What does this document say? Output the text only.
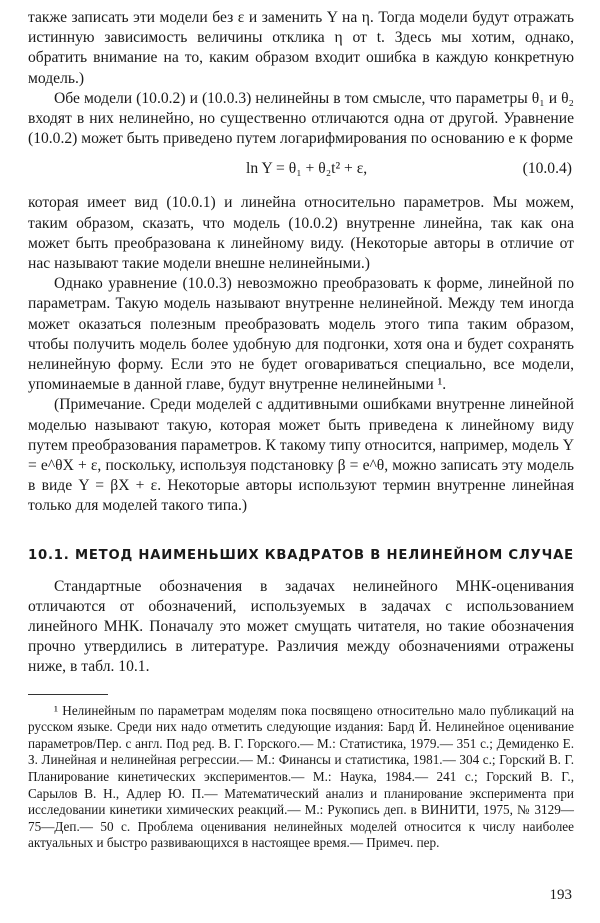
также записать эти модели без ε и заменить Y на η. Тогда модели будут отражать истинную зависимость величины отклика η от t. Здесь мы хотим, однако, обратить внимание на то, каким образом входит ошибка в каждую конкретную модель.)

Обе модели (10.0.2) и (10.0.3) нелинейны в том смысле, что параметры θ₁ и θ₂ входят в них нелинейно, но существенно отличаются одна от другой. Уравнение (10.0.2) может быть приведено путем логарифмирования по основанию e к форме

ln Y = θ₁ + θ₂t² + ε,	(10.0.4)

которая имеет вид (10.0.1) и линейна относительно параметров. Мы можем, таким образом, сказать, что модель (10.0.2) внутренне линейна, так как она может быть преобразована к линейному виду. (Некоторые авторы в отличие от нас называют такие модели внешне нелинейными.)

Однако уравнение (10.0.3) невозможно преобразовать к форме, линейной по параметрам. Такую модель называют внутренне нелинейной. Между тем иногда может оказаться полезным преобразовать модель этого типа таким образом, чтобы получить модель более удобную для подгонки, хотя она и будет сохранять нелинейную форму. Если это не будет оговариваться специально, все модели, упоминаемые в данной главе, будут внутренне нелинейными ¹.

(Примечание. Среди моделей с аддитивными ошибками внутренне линейной моделью называют такую, которая может быть приведена к линейному виду путем преобразования параметров. К такому типу относится, например, модель Y = e^θX + ε, поскольку, используя подстановку β = e^θ, можно записать эту модель в виде Y = βX + ε. Некоторые авторы используют термин внутренне линейная только для моделей такого типа.)

10.1. МЕТОД НАИМЕНЬШИХ КВАДРАТОВ В НЕЛИНЕЙНОМ СЛУЧАЕ

Стандартные обозначения в задачах нелинейного МНК-оценивания отличаются от обозначений, используемых в задачах с использованием линейного МНК. Поначалу это может смущать читателя, но такие обозначения прочно утвердились в литературе. Различия между обозначениями отражены ниже, в табл. 10.1.

¹ Нелинейным по параметрам моделям пока посвящено относительно мало публикаций на русском языке. Среди них надо отметить следующие издания: Бард Й. Нелинейное оценивание параметров/Пер. с англ. Под ред. В. Г. Горского.— М.: Статистика, 1979.— 351 с.; Демиденко Е. З. Линейная и нелинейная регрессии.— М.: Финансы и статистика, 1981.— 304 с.; Горский В. Г. Планирование кинетических экспериментов.— М.: Наука, 1984.— 241 с.; Горский В. Г., Сарылов В. Н., Адлер Ю. П.— Математический анализ и планирование эксперимента при исследовании кинетики химических реакций.— М.: Рукопись деп. в ВИНИТИ, 1975, № 3129—75—Деп.— 50 с. Проблема оценивания нелинейных моделей относится к числу наиболее актуальных и быстро развивающихся в настоящее время.— Примеч. пер.

193
